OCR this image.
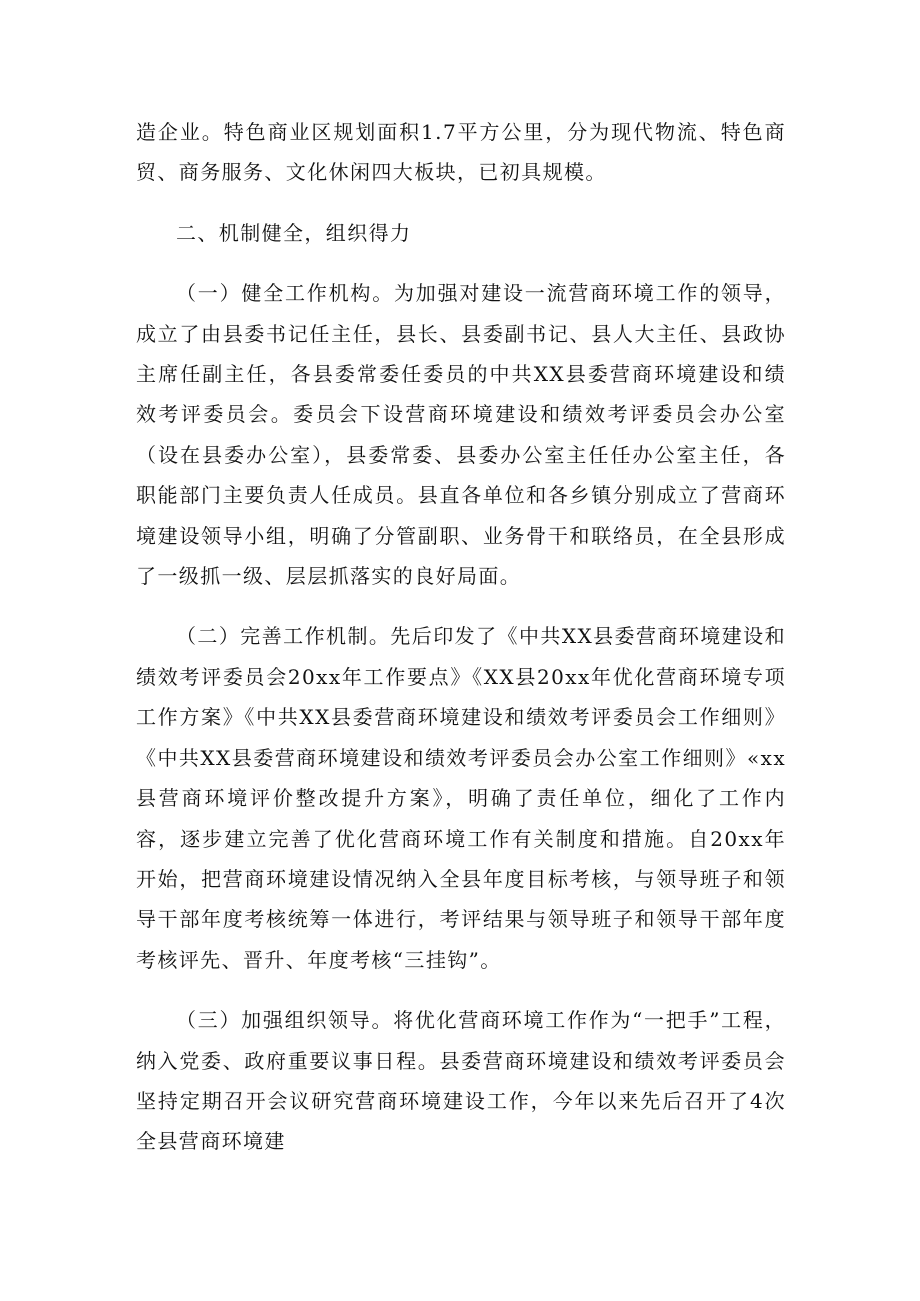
造企业。特色商业区规划面积1.7平方公里，分为现代物流、特色商贸、商务服务、文化休闲四大板块，已初具规模。

二、机制健全，组织得力

（一）健全工作机构。为加强对建设一流营商环境工作的领导，成立了由县委书记任主任，县长、县委副书记、县人大主任、县政协主席任副主任，各县委常委任委员的中共XX县委营商环境建设和绩效考评委员会。委员会下设营商环境建设和绩效考评委员会办公室（设在县委办公室），县委常委、县委办公室主任任办公室主任，各职能部门主要负责人任成员。县直各单位和各乡镇分别成立了营商环境建设领导小组，明确了分管副职、业务骨干和联络员，在全县形成了一级抓一级、层层抓落实的良好局面。

（二）完善工作机制。先后印发了《中共XX县委营商环境建设和绩效考评委员会20xx年工作要点》《XX县20xx年优化营商环境专项工作方案》《中共XX县委营商环境建设和绩效考评委员会工作细则》《中共XX县委营商环境建设和绩效考评委员会办公室工作细则》«xx县营商环境评价整改提升方案》，明确了责任单位，细化了工作内容，逐步建立完善了优化营商环境工作有关制度和措施。自20xx年开始，把营商环境建设情况纳入全县年度目标考核，与领导班子和领导干部年度考核统筹一体进行，考评结果与领导班子和领导干部年度考核评先、晋升、年度考核“三挂钩”。

（三）加强组织领导。将优化营商环境工作作为“一把手”工程，纳入党委、政府重要议事日程。县委营商环境建设和绩效考评委员会坚持定期召开会议研究营商环境建设工作，今年以来先后召开了4次全县营商环境建
